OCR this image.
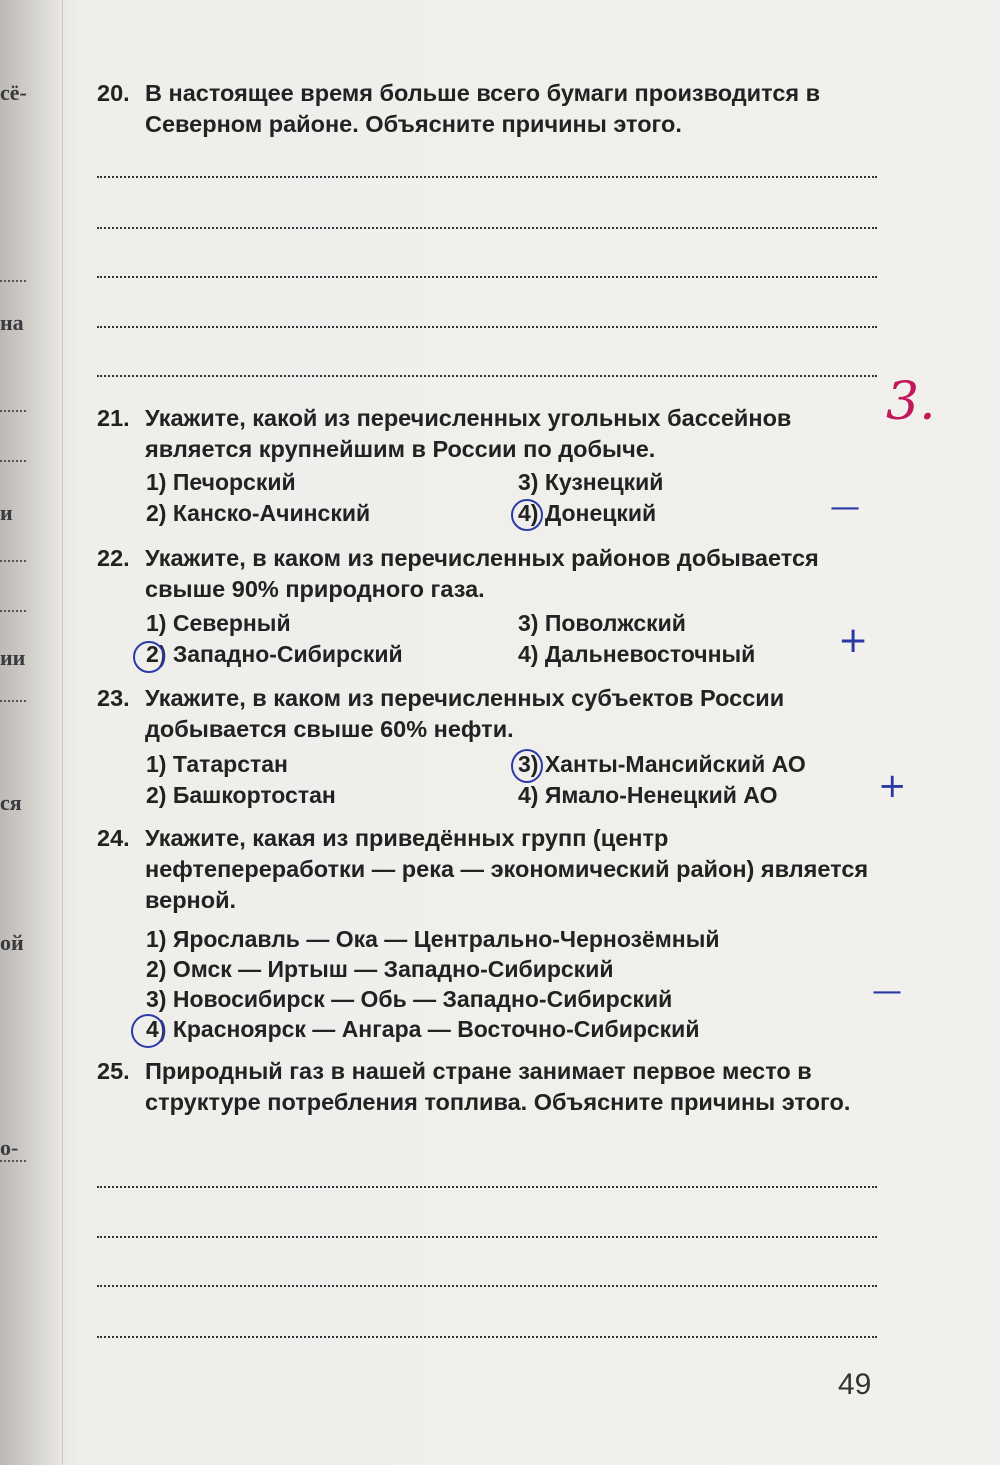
сё-
на
и
ии
ся
ой
о-
20. В настоящее время больше всего бумаги производится в Северном районе. Объясните причины этого.
21. Укажите, какой из перечисленных угольных бассейнов является крупнейшим в России по добыче.
1) Печорский
2) Канско-Ачинский
3) Кузнецкий
4) Донецкий	—
3.
22. Укажите, в каком из перечисленных районов добывается свыше 90% природного газа.
1) Северный
2) Западно-Сибирский
3) Поволжский
4) Дальневосточный +
23. Укажите, в каком из перечисленных субъектов России добывается свыше 60% нефти.
1) Татарстан
2) Башкортостан
3) Ханты-Мансийский АО
4) Ямало-Ненецкий АО	+
24. Укажите, какая из приведённых групп (центр нефтепереработки — река — экономический район) является верной.
1) Ярославль — Ока — Центрально-Чернозёмный
2) Омск — Иртыш — Западно-Сибирский
3) Новосибирск — Обь — Западно-Сибирский
4) Красноярск — Ангара — Восточно-Сибирский
—
25. Природный газ в нашей стране занимает первое место в структуре потребления топлива. Объясните причины этого.
49
